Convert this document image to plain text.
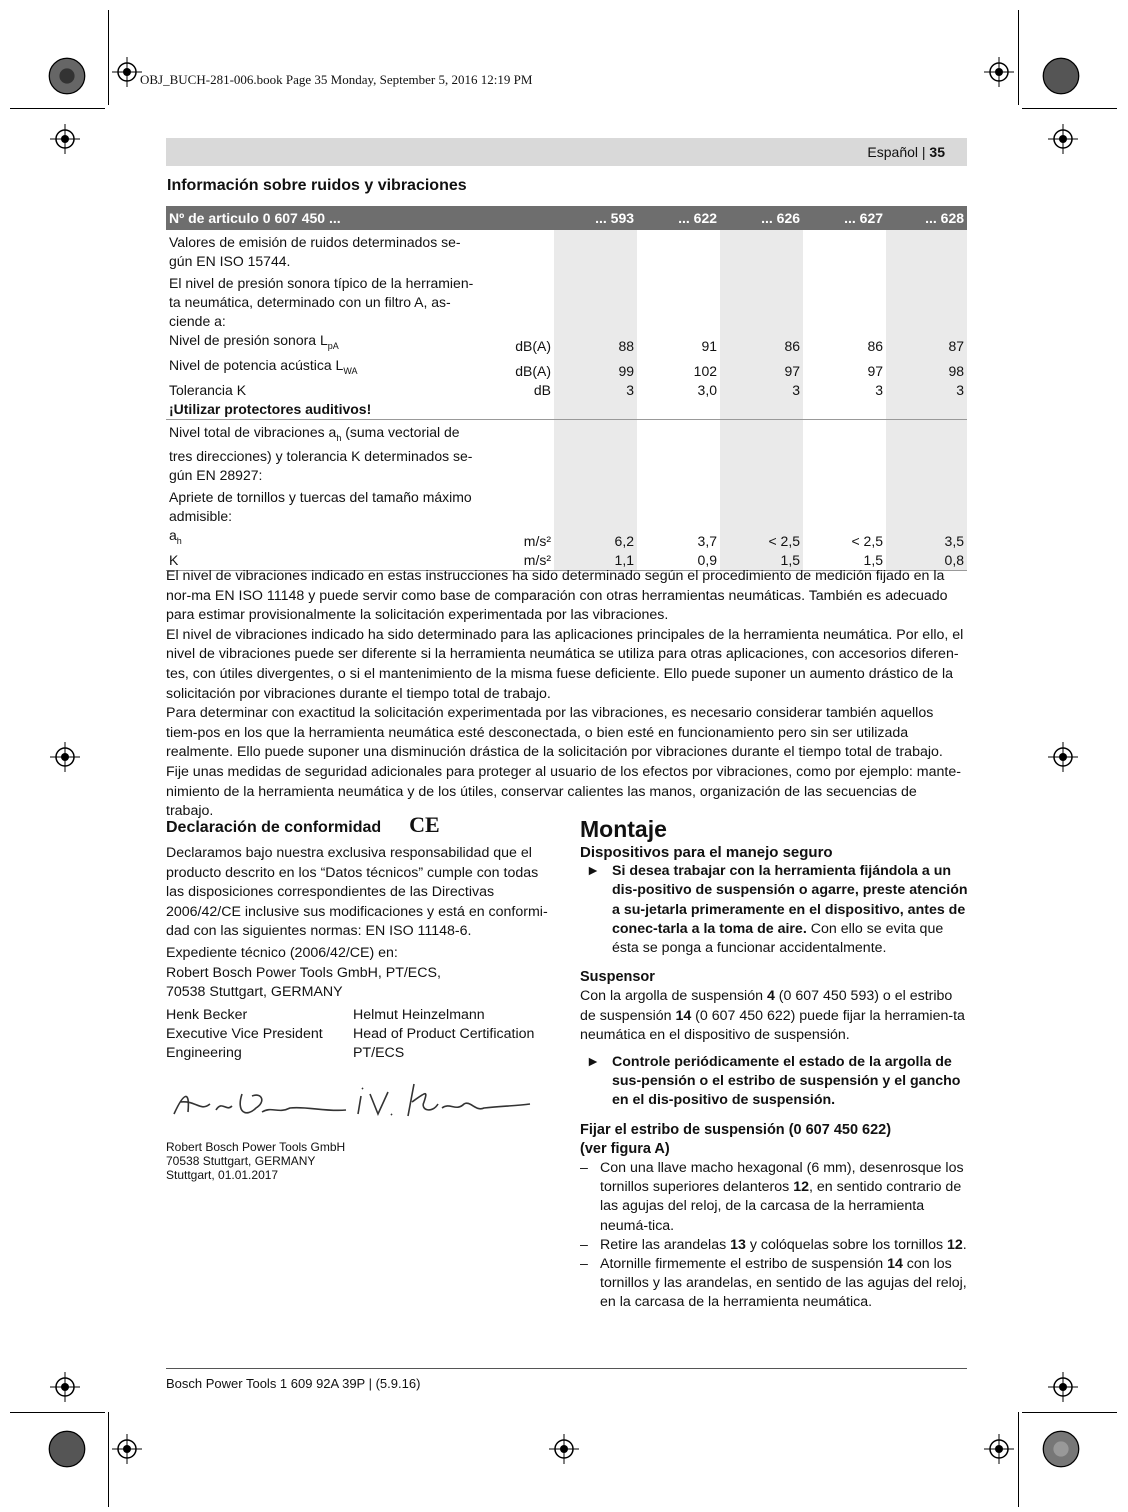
OBJ_BUCH-281-006.book Page 35 Monday, September 5, 2016 12:19 PM
Español | 35
Información sobre ruidos y vibraciones
Nº de articulo 0 607 450 ...		... 593	... 622	... 626	... 627	... 628

Valores de emisión de ruidos determinados se-gún EN ISO 15744.
El nivel de presión sonora típico de la herramien-ta neumática, determinado con un filtro A, as-ciende a:						

Nivel de presión sonora $L_{pA}$	dB(A)	88	91	86	86	87
Nivel de potencia acústica $L_{WA}$	dB(A)	99	102	97	97	98
Tolerancia K	dB	3	3,0	3	3	3
¡Utilizar protectores auditivos!						

Nivel total de vibraciones $a_h$ (suma vectorial de tres direcciones) y tolerancia K determinados se-gún EN 28927:
Apriete de tornillos y tuercas del tamaño máximo admisible:						

$a_h$	m/s²	6,2	3,7	< 2,5	< 2,5	3,5
K	m/s²	1,1	0,9	1,5	1,5	0,8

El nivel de vibraciones indicado en estas instrucciones ha sido determinado según el procedimiento de medición fijado en la nor-ma EN ISO 11148 y puede servir como base de comparación con otras herramientas neumáticas. También es adecuado para estimar provisionalmente la solicitación experimentada por las vibraciones.

El nivel de vibraciones indicado ha sido determinado para las aplicaciones principales de la herramienta neumática. Por ello, el nivel de vibraciones puede ser diferente si la herramienta neumática se utiliza para otras aplicaciones, con accesorios diferen-tes, con útiles divergentes, o si el mantenimiento de la misma fuese deficiente. Ello puede suponer un aumento drástico de la solicitación por vibraciones durante el tiempo total de trabajo.

Para determinar con exactitud la solicitación experimentada por las vibraciones, es necesario considerar también aquellos tiem-pos en los que la herramienta neumática esté desconectada, o bien esté en funcionamiento pero sin ser utilizada realmente. Ello puede suponer una disminución drástica de la solicitación por vibraciones durante el tiempo total de trabajo.

Fije unas medidas de seguridad adicionales para proteger al usuario de los efectos por vibraciones, como por ejemplo: mante-nimiento de la herramienta neumática y de los útiles, conservar calientes las manos, organización de las secuencias de trabajo.

Declaración de conformidad CE

Declaramos bajo nuestra exclusiva responsabilidad que el producto descrito en los “Datos técnicos” cumple con todas las disposiciones correspondientes de las Directivas 2006/42/CE inclusive sus modificaciones y está en conformi-dad con las siguientes normas: EN ISO 11148-6.

Expediente técnico (2006/42/CE) en:
Robert Bosch Power Tools GmbH, PT/ECS,
70538 Stuttgart, GERMANY

Henk Becker
Executive Vice President
Engineering
Helmut Heinzelmann
Head of Product Certification
PT/ECS

Robert Bosch Power Tools GmbH
70538 Stuttgart, GERMANY
Stuttgart, 01.01.2017

Montaje

Dispositivos para el manejo seguro

► Si desea trabajar con la herramienta fijándola a un dis-positivo de suspensión o agarre, preste atención a su-jetarla primeramente en el dispositivo, antes de conec-tarla a la toma de aire. Con ello se evita que ésta se ponga a funcionar accidentalmente.

Suspensor

Con la argolla de suspensión 4 (0 607 450 593) o el estribo de suspensión 14 (0 607 450 622) puede fijar la herramien-ta neumática en el dispositivo de suspensión.

► Controle periódicamente el estado de la argolla de sus-pensión o el estribo de suspensión y el gancho en el dis-positivo de suspensión.

Fijar el estribo de suspensión (0 607 450 622)
(ver figura A)

– Con una llave macho hexagonal (6 mm), desenrosque los tornillos superiores delanteros 12, en sentido contrario de las agujas del reloj, de la carcasa de la herramienta neumá-tica.

– Retire las arandelas 13 y colóquelas sobre los tornillos 12.

– Atornille firmemente el estribo de suspensión 14 con los tornillos y las arandelas, en sentido de las agujas del reloj, en la carcasa de la herramienta neumática.

Bosch Power Tools 1 609 92A 39P | (5.9.16)
